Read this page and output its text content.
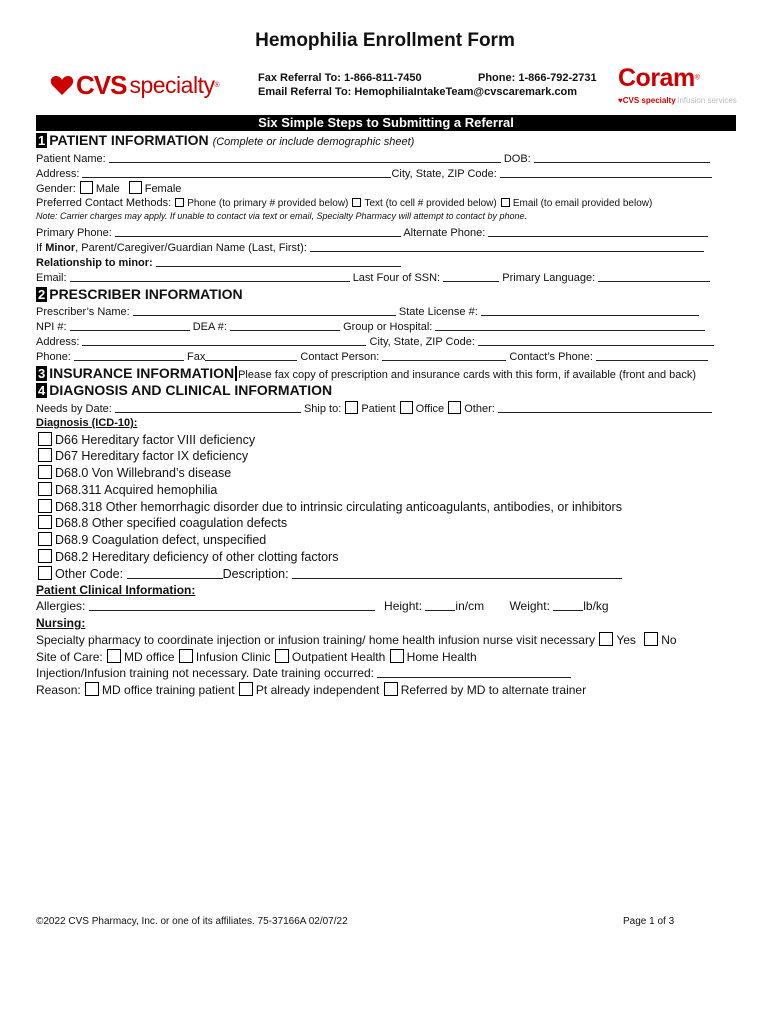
Hemophilia Enrollment Form
CVS specialty ®
Fax Referral To: 1-866-811-7450	Phone: 1-866-792-2731
Email Referral To: HemophiliaIntakeTeam@cvscaremark.com Coram®
♥CVS specialty infusion services
Six Simple Steps to Submitting a Referral
1 PATIENT INFORMATION (Complete or include demographic sheet)
Patient Name:	DOB:
Address:	City, State, ZIP Code:
Gender: Male Female
Preferred Contact Methods: Phone (to primary # provided below) Text (to cell # provided below) Email (to email provided below)
Note: Carrier charges may apply. If unable to contact via text or email, Specialty Pharmacy will attempt to contact by phone.
Primary Phone:	Alternate Phone:
If Minor, Parent/Caregiver/Guardian Name (Last, First):
Relationship to minor:
Email:	Last Four of SSN:	Primary Language:
2 PRESCRIBER INFORMATION
Prescriber’s Name:	State License #:
NPI #:	DEA #:	Group or Hospital:
Address:	City, State, ZIP Code:
Phone:	Fax	Contact Person:	Contact’s Phone:
3 INSURANCE INFORMATION Please fax copy of prescription and insurance cards with this form, if available (front and back)
4 DIAGNOSIS AND CLINICAL INFORMATION
Needs by Date:	Ship to: Patient Office Other:
Diagnosis (ICD-10):
D66 Hereditary factor VIII deficiency
D67 Hereditary factor IX deficiency
D68.0 Von Willebrand’s disease
D68.311 Acquired hemophilia
D68.318 Other hemorrhagic disorder due to intrinsic circulating anticoagulants, antibodies, or inhibitors
D68.8 Other specified coagulation defects
D68.9 Coagulation defect, unspecified
D68.2 Hereditary deficiency of other clotting factors
Other Code:	Description:
Patient Clinical Information:
Allergies:	Height:	in/cm Weight:	lb/kg
Nursing:
Specialty pharmacy to coordinate injection or infusion training/ home health infusion nurse visit necessary Yes No
Site of Care: MD office Infusion Clinic Outpatient Health Home Health
Injection/Infusion training not necessary. Date training occurred:
Reason: MD office training patient Pt already independent Referred by MD to alternate trainer
©2022 CVS Pharmacy, Inc. or one of its affiliates. 75-37166A 02/07/22	Page 1 of 3
